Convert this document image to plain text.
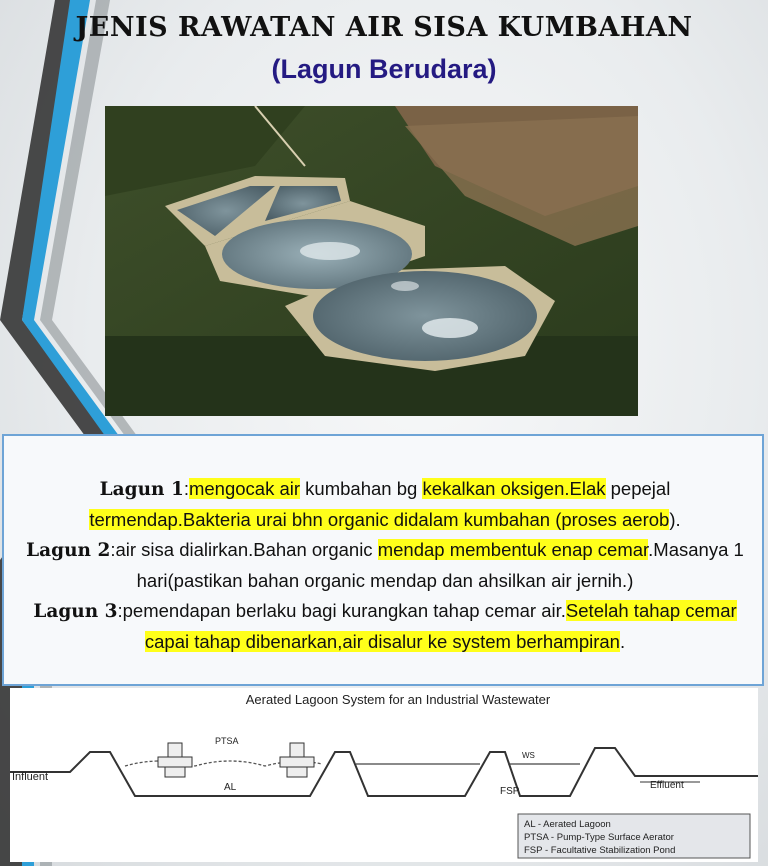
JENIS RAWATAN AIR SISA KUMBAHAN
(Lagun Berudara)
Lagun 1:mengocak air kumbahan bg kekalkan oksigen.Elak pepejal
termendap.Bakteria urai bhn organic didalam kumbahan (proses aerob).
Lagun 2:air sisa dialirkan.Bahan organic mendap membentuk enap cemar.Masanya 1
hari(pastikan bahan organic mendap dan ahsilkan air jernih.)
Lagun 3:pemendapan berlaku bagi kurangkan tahap cemar air.Setelah tahap cemar
capai tahap dibenarkan,air disalur ke system berhampiran.
Aerated Lagoon System for an Industrial Wastewater
PTSA
Influent
AL	FSP
WS
Effluent
AL - Aerated Lagoon
PTSA - Pump-Type Surface Aerator
FSP - Facultative Stabilization Pond
